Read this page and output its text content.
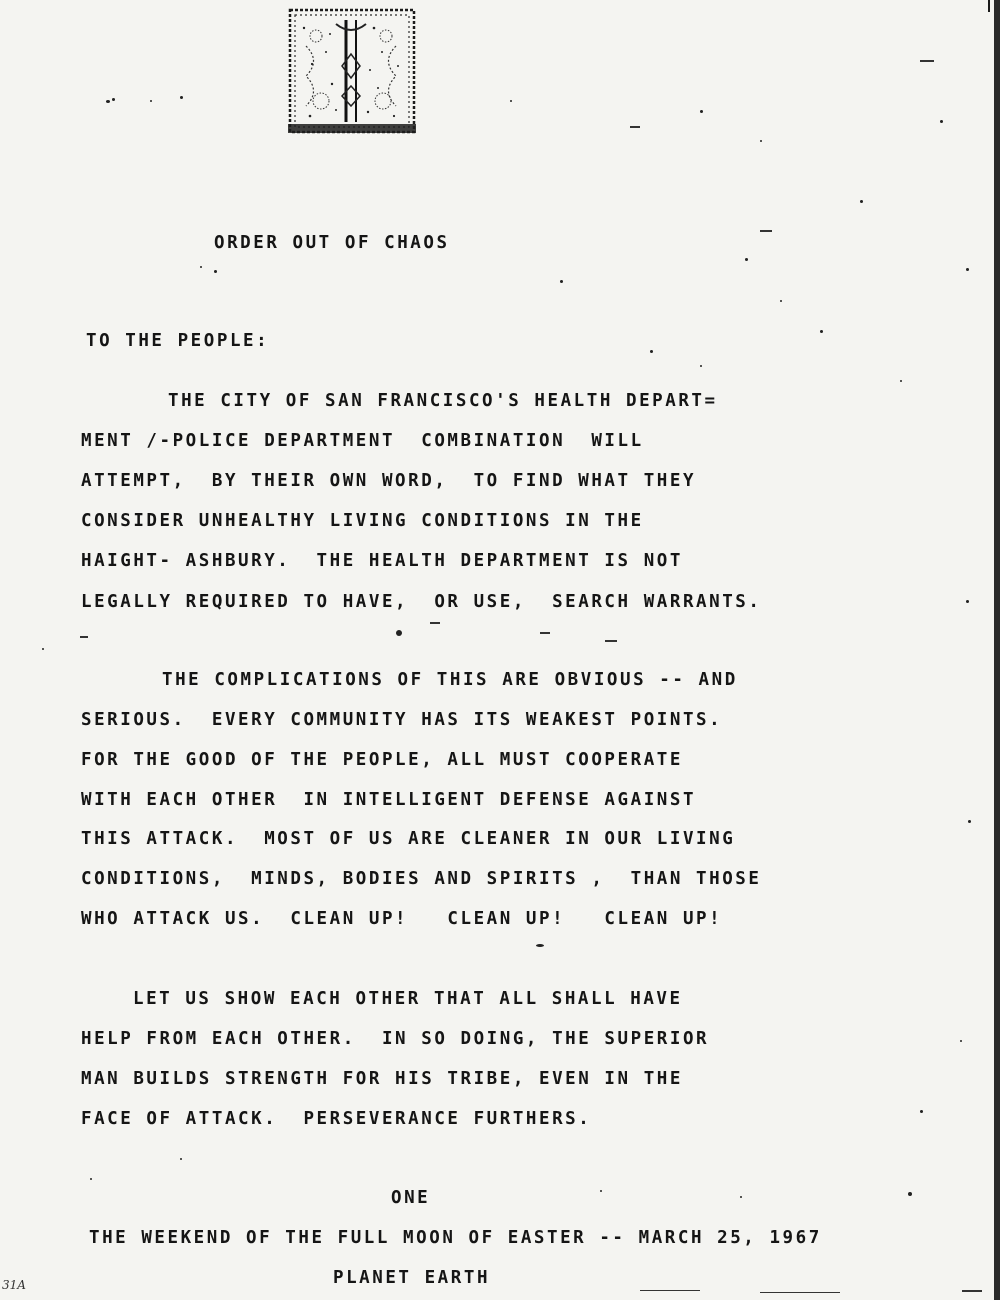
ORDER OUT OF CHAOS
TO THE PEOPLE:
THE CITY OF SAN FRANCISCO'S HEALTH DEPART=
MENT /-POLICE DEPARTMENT  COMBINATION  WILL
ATTEMPT,  BY THEIR OWN WORD,  TO FIND WHAT THEY
CONSIDER UNHEALTHY LIVING CONDITIONS IN THE
HAIGHT- ASHBURY.  THE HEALTH DEPARTMENT IS NOT
LEGALLY REQUIRED TO HAVE,  OR USE,  SEARCH WARRANTS.
THE COMPLICATIONS OF THIS ARE OBVIOUS -- AND
SERIOUS.  EVERY COMMUNITY HAS ITS WEAKEST POINTS.
FOR THE GOOD OF THE PEOPLE, ALL MUST COOPERATE
WITH EACH OTHER  IN INTELLIGENT DEFENSE AGAINST
THIS ATTACK.  MOST OF US ARE CLEANER IN OUR LIVING
CONDITIONS,  MINDS, BODIES AND SPIRITS ,  THAN THOSE
WHO ATTACK US.  CLEAN UP!   CLEAN UP!   CLEAN UP!
LET US SHOW EACH OTHER THAT ALL SHALL HAVE
HELP FROM EACH OTHER.  IN SO DOING, THE SUPERIOR
MAN BUILDS STRENGTH FOR HIS TRIBE, EVEN IN THE
FACE OF ATTACK.  PERSEVERANCE FURTHERS.
ONE
THE WEEKEND OF THE FULL MOON OF EASTER -- MARCH 25, 1967
PLANET EARTH
31A
